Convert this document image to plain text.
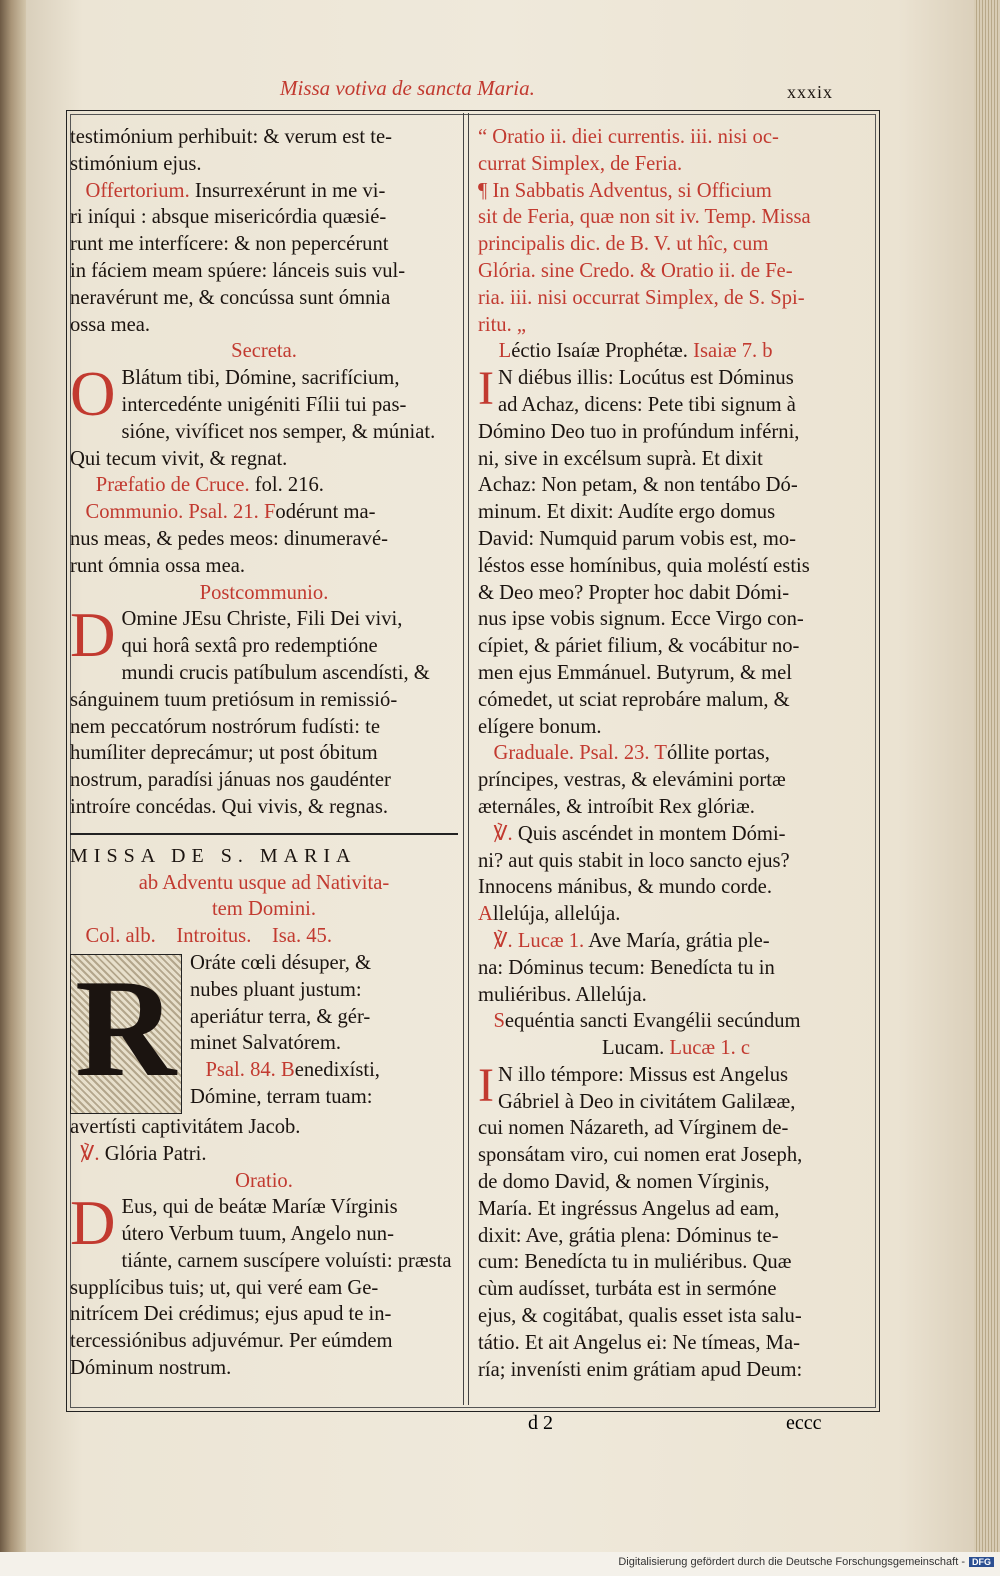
Digitalisierung gefördert durch die Deutsche Forschungsgemeinschaft - DFG
Missa votiva de sancta Maria.	xxxix

testimónium perhibuit: & verum est te-

stimónium ejus.

Offertorium. Insurrexérunt in me vi-

ri iníqui : absque misericórdia quæsié-

runt me interfícere: & non pepercérunt

in fáciem meam spúere: lánceis suis vul-

neravérunt me, & concússa sunt ómnia

ossa mea.

Secreta.

O Blátum tibi, Dómine, sacrifícium,

intercedénte unigéniti Fílii tui pas-

sióne, vivíficet nos semper, & múniat.

Qui tecum vivit, & regnat.

Præfatio de Cruce. fol. 216.

Communio. Psal. 21. Fodérunt ma-

nus meas, & pedes meos: dinumeravé-

runt ómnia ossa mea.

Postcommunio.

D Omine JEsu Christe, Fili Dei vivi,

qui horâ sextâ pro redemptióne

mundi crucis patíbulum ascendísti, &

sánguinem tuum pretiósum in remissió-

nem peccatórum nostrórum fudísti: te

humíliter deprecámur; ut post óbitum

nostrum, paradísi jánuas nos gaudénter

introíre concédas. Qui vivis, & regnas.

MISSA DE S. MARIA

ab Adventu usque ad Nativita-

tem Domini.

Col. alb. Introitus. Isa. 45.

R Oráte cœli désuper, &

nubes pluant justum:

aperiátur terra, & gér-

minet Salvatórem.

Psal. 84. Benedixísti,

Dómine, terram tuam:

avertísti captivitátem Jacob.

℣. Glória Patri.

Oratio.

D Eus, qui de beátæ Maríæ Vírginis

útero Verbum tuum, Angelo nun-

tiánte, carnem suscípere voluísti: præsta

supplícibus tuis; ut, qui veré eam Ge-

nitrícem Dei crédimus; ejus apud te in-

tercessiónibus adjuvémur. Per eúmdem

Dóminum nostrum.

“ Oratio ii. diei currentis. iii. nisi oc-

currat Simplex, de Feria.

¶ In Sabbatis Adventus, si Officium

sit de Feria, quæ non sit iv. Temp. Missa

principalis dic. de B. V. ut hîc, cum

Glória. sine Credo. & Oratio ii. de Fe-

ria. iii. nisi occurrat Simplex, de S. Spi-

ritu. „

Léctio Isaíæ Prophétæ. Isaiæ 7. b

I N diébus illis: Locútus est Dóminus

ad Achaz, dicens: Pete tibi signum à

Dómino Deo tuo in profúndum inférni,

ni, sive in excélsum suprà. Et dixit

Achaz: Non petam, & non tentábo Dó-

minum. Et dixit: Audíte ergo domus

David: Numquid parum vobis est, mo-

léstos esse homínibus, quia moléstí estis

& Deo meo? Propter hoc dabit Dómi-

nus ipse vobis signum. Ecce Virgo con-

cípiet, & páriet filium, & vocábitur no-

men ejus Emmánuel. Butyrum, & mel

cómedet, ut sciat reprobáre malum, &

elígere bonum.

Graduale. Psal. 23. Tóllite portas,

príncipes, vestras, & elevámini portæ

æternáles, & introíbit Rex glóriæ.

℣. Quis ascéndet in montem Dómi-

ni? aut quis stabit in loco sancto ejus?

Innocens mánibus, & mundo corde.

Allelúja, allelúja.

℣. Lucæ 1. Ave María, grátia ple-

na: Dóminus tecum: Benedícta tu in

muliéribus. Allelúja.

Sequéntia sancti Evangélii secúndum

Lucam. Lucæ 1. c

I N illo témpore: Missus est Angelus

Gábriel à Deo in civitátem Galilææ,

cui nomen Názareth, ad Vírginem de-

sponsátam viro, cui nomen erat Joseph,

de domo David, & nomen Vírginis,

María. Et ingréssus Angelus ad eam,

dixit: Ave, grátia plena: Dóminus te-

cum: Benedícta tu in muliéribus. Quæ

cùm audísset, turbáta est in sermóne

ejus, & cogitábat, qualis esset ista salu-

tátio. Et ait Angelus ei: Ne tímeas, Ma-

ría; invenísti enim grátiam apud Deum:

d 2	eccc
